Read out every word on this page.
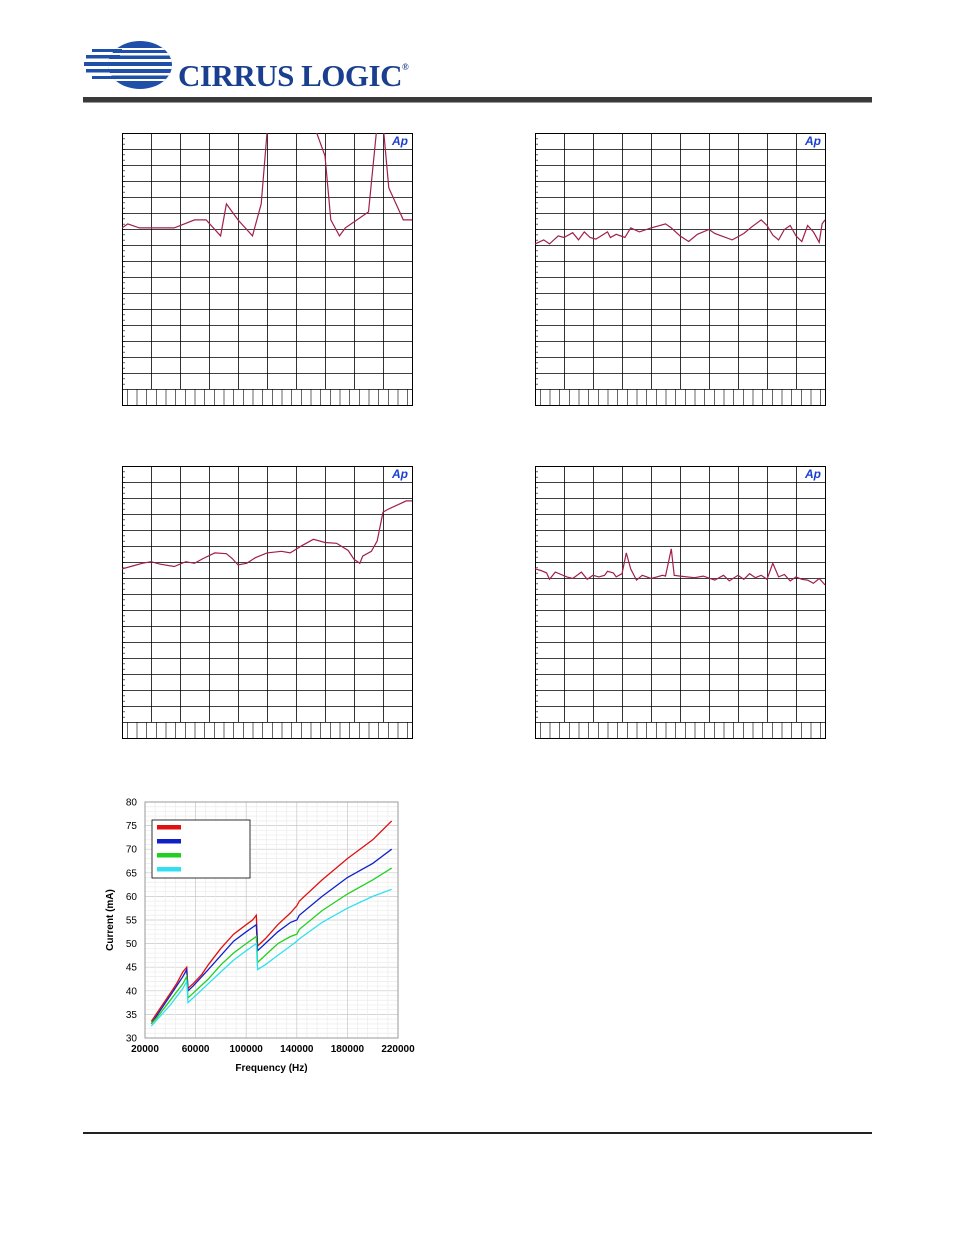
CIRRUS LOGIC®
Ap	Ap
Ap	Ap
30
35
40
45
50
55
60
65
70
75
80
20000 60000 100000 140000 180000 220000
Frequency (Hz)
Current (mA)
